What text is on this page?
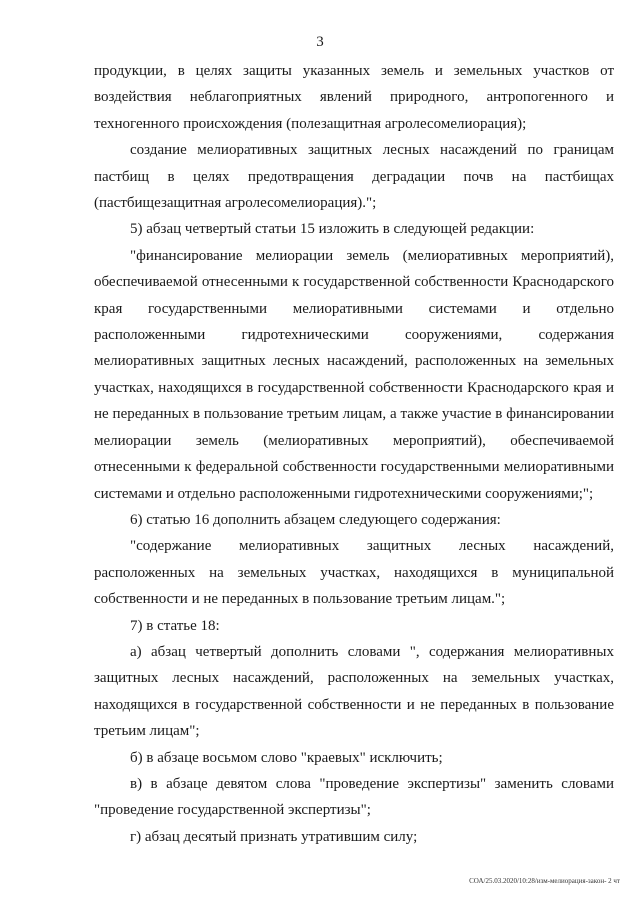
3

продукции, в целях защиты указанных земель и земельных участков от воздействия неблагоприятных явлений природного, антропогенного и техногенного происхождения (полезащитная агролесомелиорация);

создание мелиоративных защитных лесных насаждений по границам пастбищ в целях предотвращения деградации почв на пастбищах (пастбищезащитная агролесомелиорация).";

5) абзац четвертый статьи 15 изложить в следующей редакции:

"финансирование мелиорации земель (мелиоративных мероприятий), обеспечиваемой отнесенными к государственной собственности Краснодарского края государственными мелиоративными системами и отдельно расположенными гидротехническими сооружениями, содержания мелиоративных защитных лесных насаждений, расположенных на земельных участках, находящихся в государственной собственности Краснодарского края и не переданных в пользование третьим лицам, а также участие в финансировании мелиорации земель (мелиоративных мероприятий), обеспечиваемой отнесенными к федеральной собственности государственными мелиоративными системами и отдельно расположенными гидротехническими сооружениями;";

6) статью 16 дополнить абзацем следующего содержания:

"содержание мелиоративных защитных лесных насаждений, расположенных на земельных участках, находящихся в муниципальной собственности и не переданных в пользование третьим лицам.";

7) в статье 18:

а) абзац четвертый дополнить словами ", содержания мелиоративных защитных лесных насаждений, расположенных на земельных участках, находящихся в государственной собственности и не переданных в пользование третьим лицам";

б) в абзаце восьмом слово "краевых" исключить;

в) в абзаце девятом слова "проведение экспертизы" заменить словами "проведение государственной экспертизы";

г) абзац десятый признать утратившим силу;

СОА/25.03.2020/10:28/изм-мелиорация-закон- 2 чт
